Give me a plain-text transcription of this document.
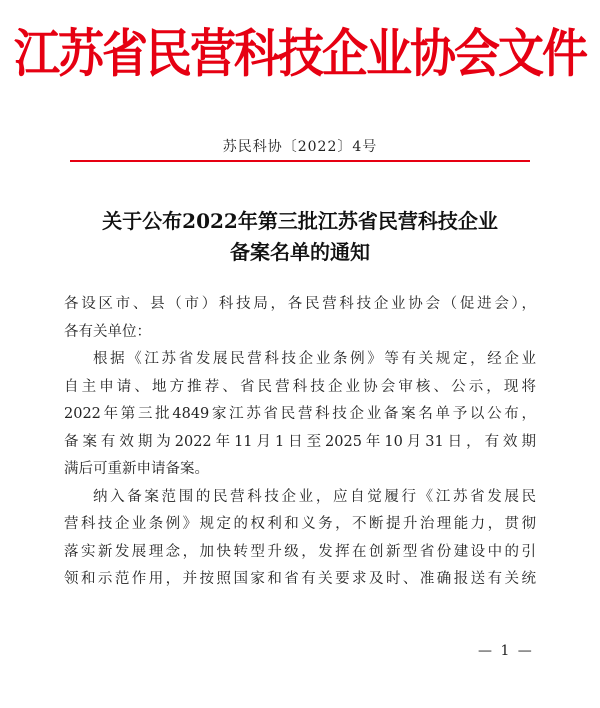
江苏省民营科技企业协会文件
苏民科协〔2022〕4号
关于公布2022年第三批江苏省民营科技企业
备案名单的通知

各设区市、县（市）科技局，各民营科技企业协会（促进会），
各有关单位：

根据《江苏省发展民营科技企业条例》等有关规定，经企业
自主申请、地方推荐、省民营科技企业协会审核、公示，现将
2022年第三批4849家江苏省民营科技企业备案名单予以公布，
备案有效期为2022年11月1日至2025年10月31日，有效期
满后可重新申请备案。

纳入备案范围的民营科技企业，应自觉履行《江苏省发展民
营科技企业条例》规定的权利和义务，不断提升治理能力，贯彻
落实新发展理念，加快转型升级，发挥在创新型省份建设中的引
领和示范作用，并按照国家和省有关要求及时、准确报送有关统

— 1 —
